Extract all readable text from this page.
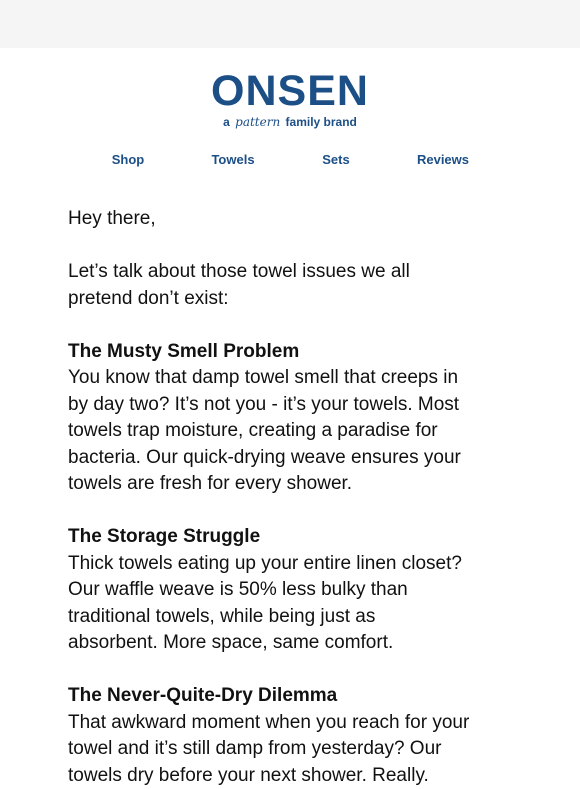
ONSEN
a pattern family brand
Shop	Towels	Sets	Reviews

Hey there,

Let’s talk about those towel issues we all

pretend don’t exist:

The Musty Smell Problem

You know that damp towel smell that creeps in

by day two? It’s not you - it’s your towels. Most

towels trap moisture, creating a paradise for

bacteria. Our quick-drying weave ensures your

towels are fresh for every shower.

The Storage Struggle

Thick towels eating up your entire linen closet?

Our waffle weave is 50% less bulky than

traditional towels, while being just as

absorbent. More space, same comfort.

The Never-Quite-Dry Dilemma

That awkward moment when you reach for your

towel and it’s still damp from yesterday? Our

towels dry before your next shower. Really.
